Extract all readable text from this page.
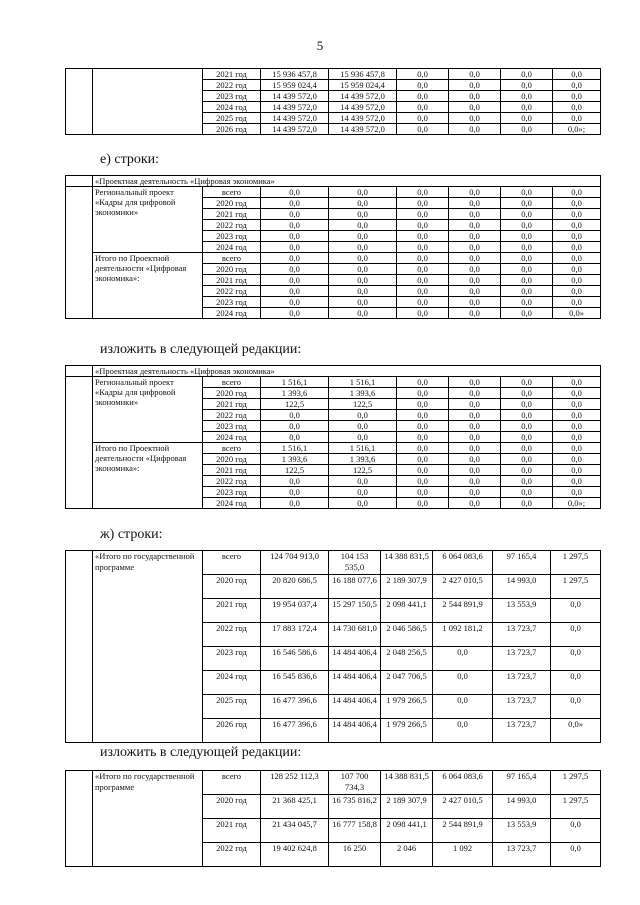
5
		2021 год	15 936 457,8	15 936 457,8	0,0	0,0	0,0	0,0
		2022 год	15 959 024,4	15 959 024,4	0,0	0,0	0,0	0,0
		2023 год	14 439 572,0	14 439 572,0	0,0	0,0	0,0	0,0
		2024 год	14 439 572,0	14 439 572,0	0,0	0,0	0,0	0,0
		2025 год	14 439 572,0	14 439 572,0	0,0	0,0	0,0	0,0
		2026 год	14 439 572,0	14 439 572,0	0,0	0,0	0,0	0,0»;
е) строки:
	«Проектная деятельность «Цифровая экономика»							
	Региональный проект «Кадры для цифровой экономики»	всего	0,0	0,0	0,0	0,0	0,0	0,0
		2020 год	0,0	0,0	0,0	0,0	0,0	0,0
		2021 год	0,0	0,0	0,0	0,0	0,0	0,0
		2022 год	0,0	0,0	0,0	0,0	0,0	0,0
		2023 год	0,0	0,0	0,0	0,0	0,0	0,0
		2024 год	0,0	0,0	0,0	0,0	0,0	0,0
	Итого по Проектной деятельности «Цифровая экономика»:	всего	0,0	0,0	0,0	0,0	0,0	0,0
		2020 год	0,0	0,0	0,0	0,0	0,0	0,0
		2021 год	0,0	0,0	0,0	0,0	0,0	0,0
		2022 год	0,0	0,0	0,0	0,0	0,0	0,0
		2023 год	0,0	0,0	0,0	0,0	0,0	0,0
		2024 год	0,0	0,0	0,0	0,0	0,0	0,0»
изложить в следующей редакции:
	«Проектная деятельность «Цифровая экономика»							
	Региональный проект «Кадры для цифровой экономики»	всего	1 516,1	1 516,1	0,0	0,0	0,0	0,0
		2020 год	1 393,6	1 393,6	0,0	0,0	0,0	0,0
		2021 год	122,5	122,5	0,0	0,0	0,0	0,0
		2022 год	0,0	0,0	0,0	0,0	0,0	0,0
		2023 год	0,0	0,0	0,0	0,0	0,0	0,0
		2024 год	0,0	0,0	0,0	0,0	0,0	0,0
	Итого по Проектной деятельности «Цифровая экономика»:	всего	1 516,1	1 516,1	0,0	0,0	0,0	0,0
		2020 год	1 393,6	1 393,6	0,0	0,0	0,0	0,0
		2021 год	122,5	122,5	0,0	0,0	0,0	0,0
		2022 год	0,0	0,0	0,0	0,0	0,0	0,0
		2023 год	0,0	0,0	0,0	0,0	0,0	0,0
		2024 год	0,0	0,0	0,0	0,0	0,0	0,0»;
ж) строки:
	«Итого по государственной программе	всего	124 704 913,0	104 153 535,0	14 388 831,5	6 064 083,6	97 165,4	1 297,5
		2020 год	20 820 686,5	16 188 077,6	2 189 307,9	2 427 010,5	14 993,0	1 297,5
		2021 год	19 954 037,4	15 297 150,5	2 098 441,1	2 544 891,9	13 553,9	0,0
		2022 год	17 883 172,4	14 730 681,0	2 046 586,5	1 092 181,2	13 723,7	0,0
		2023 год	16 546 586,6	14 484 406,4	2 048 256,5	0,0	13 723,7	0,0
		2024 год	16 545 836,6	14 484 406,4	2 047 706,5	0,0	13 723,7	0,0
		2025 год	16 477 396,6	14 484 406,4	1 979 266,5	0,0	13 723,7	0,0
		2026 год	16 477 396,6	14 484 406,4	1 979 266,5	0,0	13 723,7	0,0»
изложить в следующей редакции:
	«Итого по государственной программе	всего	128 252 112,3	107 700 734,3	14 388 831,5	6 064 083,6	97 165,4	1 297,5
		2020 год	21 368 425,1	16 735 816,2	2 189 307,9	2 427 010,5	14 993,0	1 297,5
		2021 год	21 434 045,7	16 777 158,8	2 098 441,1	2 544 891,9	13 553,9	0,0
		2022 год	19 402 624,8	16 250	2 046	1 092	13 723,7	0,0
